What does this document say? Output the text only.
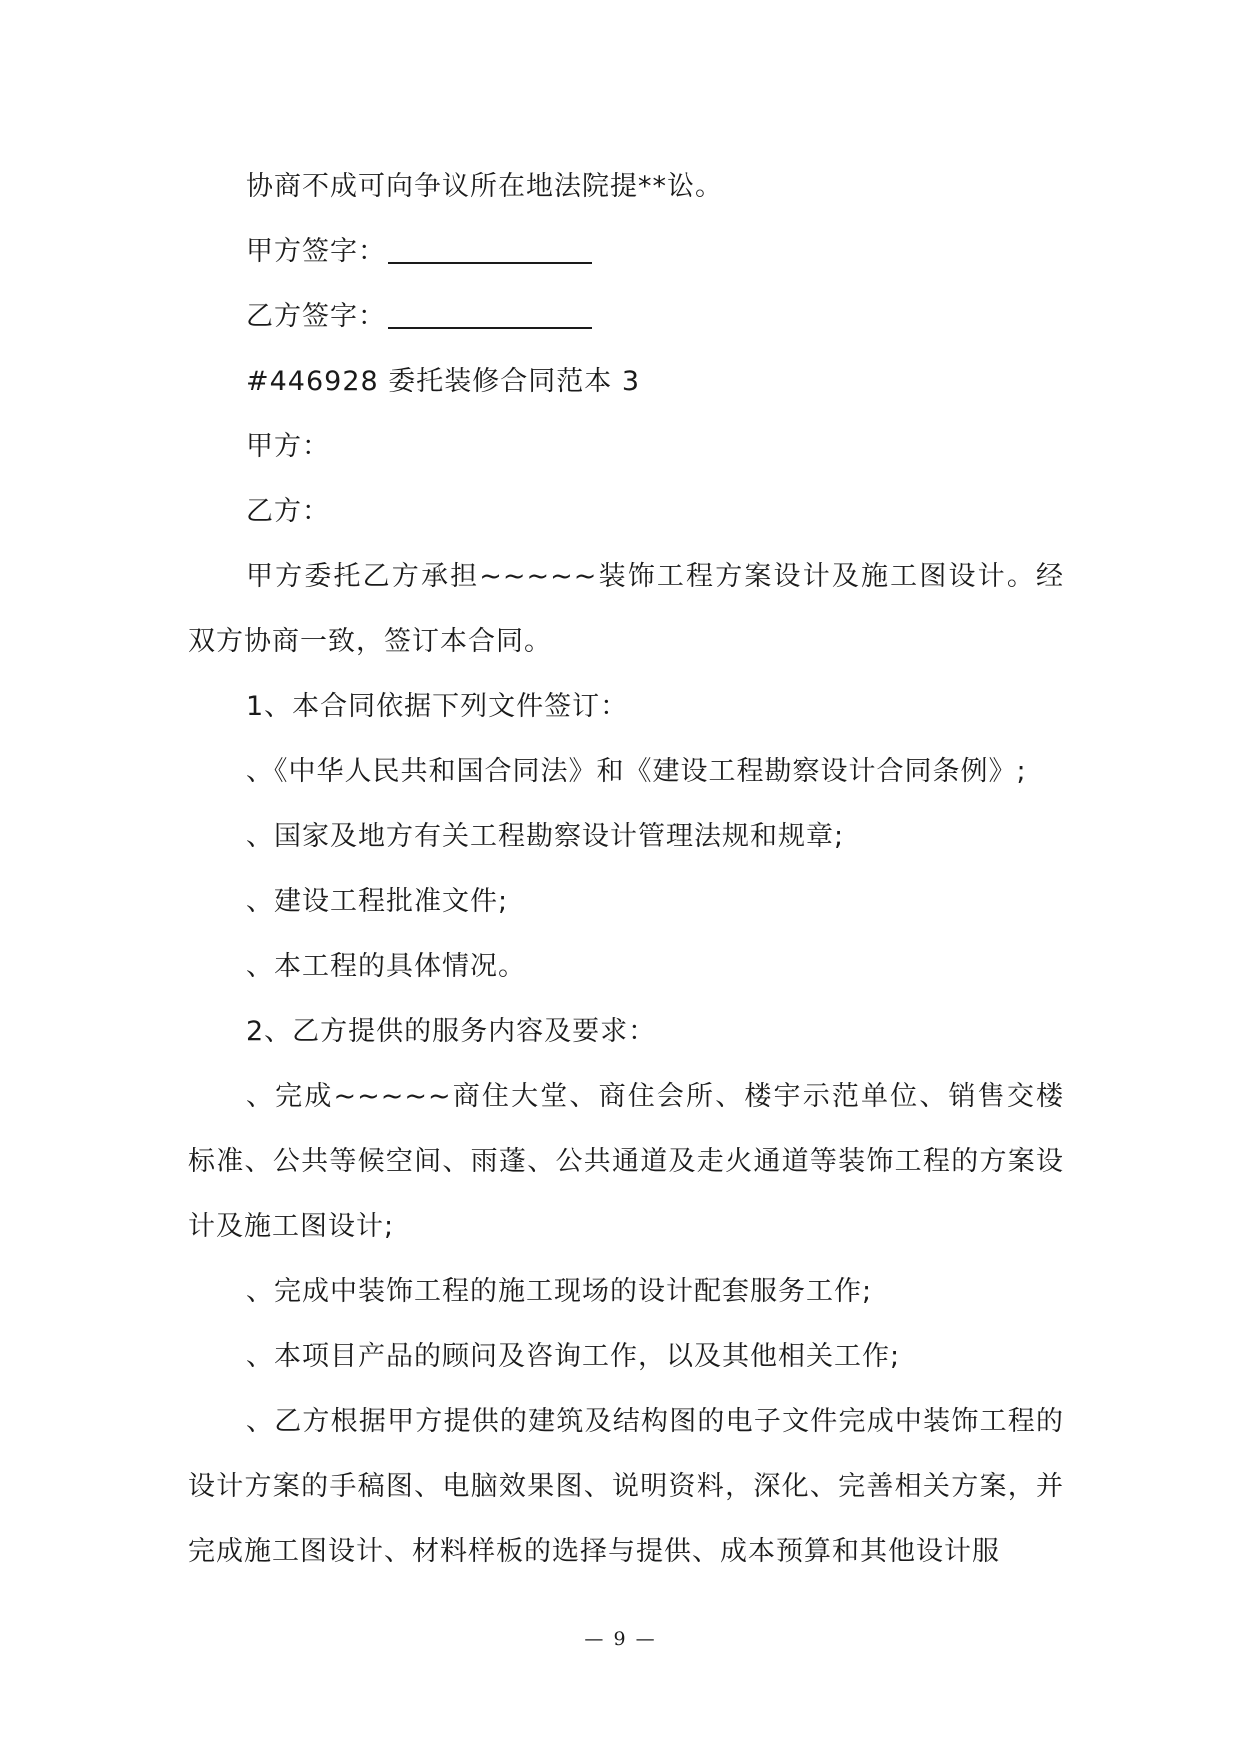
协商不成可向争议所在地法院提**讼。

甲方签字：

乙方签字：

#446928 委托装修合同范本 3

甲方：

乙方：

甲方委托乙方承担~~~~~装饰工程方案设计及施工图设计。经双方协商一致，签订本合同。

1、本合同依据下列文件签订：

、《中华人民共和国合同法》和《建设工程勘察设计合同条例》;

、国家及地方有关工程勘察设计管理法规和规章;

、建设工程批准文件;

、本工程的具体情况。

2、乙方提供的服务内容及要求：

、完成~~~~~商住大堂、商住会所、楼宇示范单位、销售交楼标准、公共等候空间、雨蓬、公共通道及走火通道等装饰工程的方案设计及施工图设计;

、完成中装饰工程的施工现场的设计配套服务工作;

、本项目产品的顾问及咨询工作，以及其他相关工作;

、乙方根据甲方提供的建筑及结构图的电子文件完成中装饰工程的设计方案的手稿图、电脑效果图、说明资料，深化、完善相关方案，并完成施工图设计、材料样板的选择与提供、成本预算和其他设计服

— 9 —
